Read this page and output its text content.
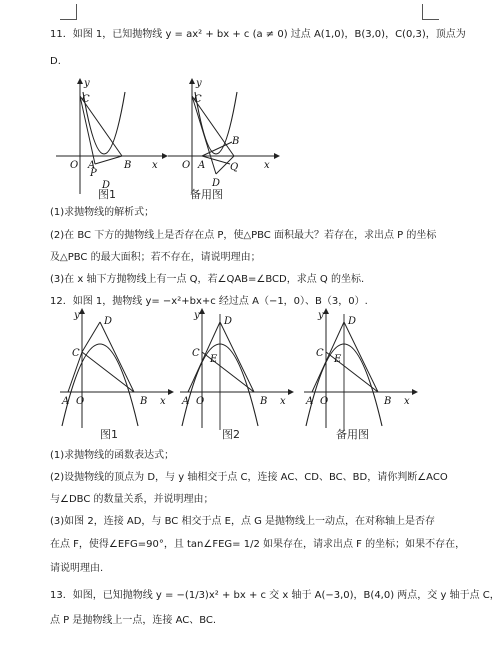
11．如图 1，已知抛物线 y = ax² + bx + c (a ≠ 0) 过点 A(1,0)，B(3,0)，C(0,3)，顶点为
D.
y
x
O A	B
C
P
D
图1
y
x
O A
B
C
Q
D
备用图
(1)求抛物线的解析式；
(2)在 BC 下方的抛物线上是否存在点 P，使△PBC 面积最大？若存在，求出点 P 的坐标
及△PBC 的最大面积；若不存在，请说明理由；
(3)在 x 轴下方抛物线上有一点 Q，若∠QAB=∠BCD，求点 Q 的坐标.
12．如图 1，抛物线 y= −x²+bx+c 经过点 A（−1，0）、B（3，0）.
y
x
O
A	B
C
D
图1
y
x
O
A	B
C
D
E
图2
y
x
O
A	B
C
D
E
备用图
(1)求抛物线的函数表达式；
(2)设抛物线的顶点为 D，与 y 轴相交于点 C，连接 AC、CD、BC、BD，请你判断∠ACO
与∠DBC 的数量关系，并说明理由；
(3)如图 2，连接 AD，与 BC 相交于点 E，点 G 是抛物线上一动点，在对称轴上是否存
在点 F，使得∠EFG=90°，且 tan∠FEG= 1/2 如果存在，请求出点 F 的坐标；如果不存在，
请说明理由.
13．如图，已知抛物线 y = −(1/3)x² + bx + c 交 x 轴于 A(−3,0)，B(4,0) 两点，交 y 轴于点 C，
点 P 是抛物线上一点，连接 AC、BC.
